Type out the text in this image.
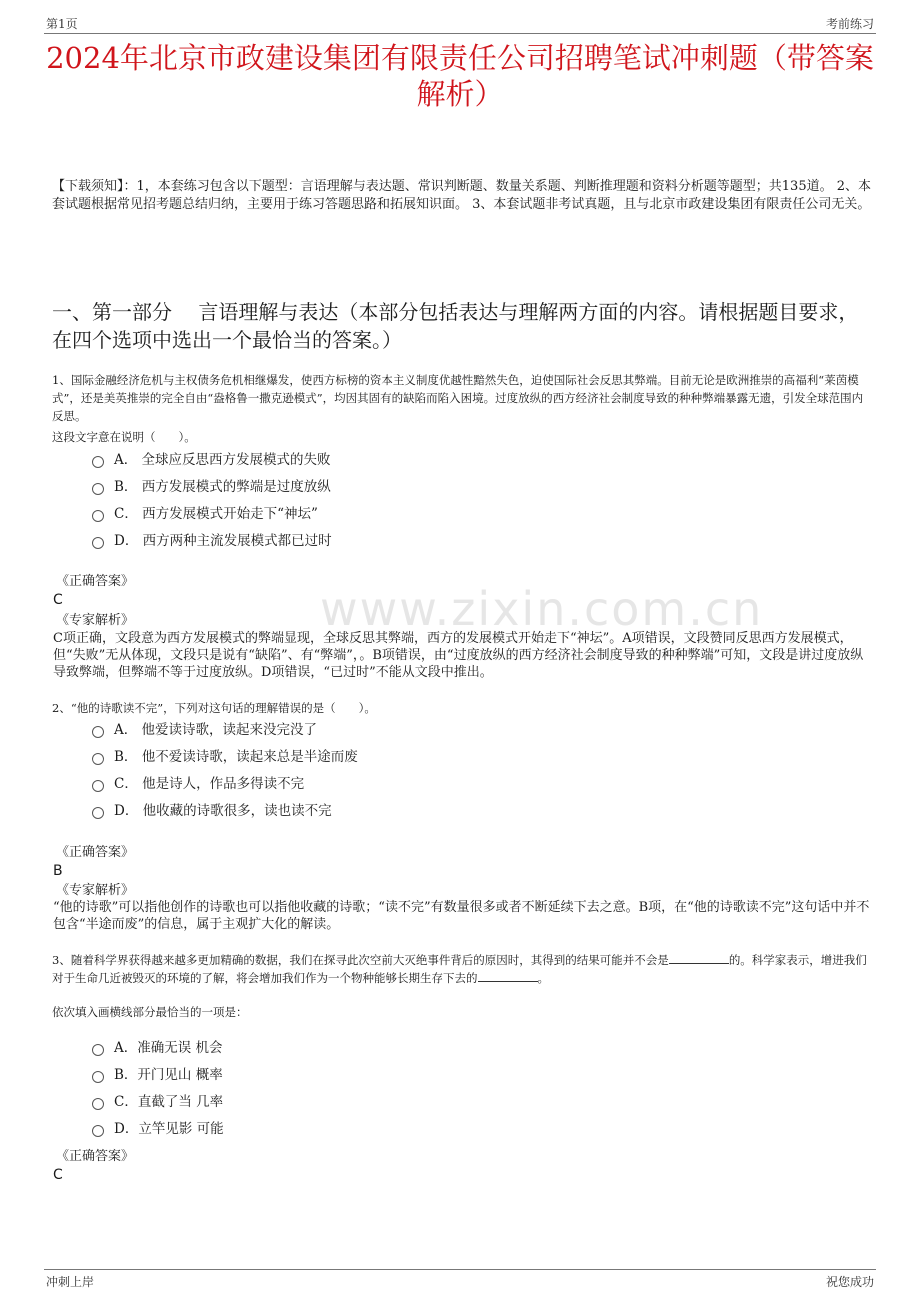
第1页	考前练习
2024年北京市政建设集团有限责任公司招聘笔试冲刺题（带答案解析）
【下载须知】：1，本套练习包含以下题型：言语理解与表达题、常识判断题、数量关系题、判断推理题和资料分析题等题型；共135道。 2、本套试题根据常见招考题总结归纳，主要用于练习答题思路和拓展知识面。 3、本套试题非考试真题，且与北京市政建设集团有限责任公司无关。
一、第一部分 　言语理解与表达（本部分包括表达与理解两方面的内容。请根据题目要求，在四个选项中选出一个最恰当的答案。）
www.zixin.com.cn
1、国际金融经济危机与主权债务危机相继爆发，使西方标榜的资本主义制度优越性黯然失色，迫使国际社会反思其弊端。目前无论是欧洲推崇的高福利“莱茵模式”，还是美英推崇的完全自由“盎格鲁一撒克逊模式”，均因其固有的缺陷而陷入困境。过度放纵的西方经济社会制度导致的种种弊端暴露无遗，引发全球范围内反思。
这段文字意在说明（　　）。
A． 全球应反思西方发展模式的失败
B． 西方发展模式的弊端是过度放纵
C． 西方发展模式开始走下“神坛”
D． 西方两种主流发展模式都已过时
《正确答案》
C
《专家解析》
C项正确，文段意为西方发展模式的弊端显现，全球反思其弊端，西方的发展模式开始走下“神坛”。A项错误，文段赞同反思西方发展模式，但“失败”无从体现，文段只是说有“缺陷”、有“弊端”，。B项错误，由“过度放纵的西方经济社会制度导致的种种弊端”可知，文段是讲过度放纵导致弊端，但弊端不等于过度放纵。D项错误，“已过时”不能从文段中推出。
2、“他的诗歌读不完”，下列对这句话的理解错误的是（　　）。
A． 他爱读诗歌，读起来没完没了
B． 他不爱读诗歌，读起来总是半途而废
C． 他是诗人，作品多得读不完
D． 他收藏的诗歌很多，读也读不完
《正确答案》
B
《专家解析》
“他的诗歌”可以指他创作的诗歌也可以指他收藏的诗歌；“读不完”有数量很多或者不断延续下去之意。B项，在“他的诗歌读不完”这句话中并不包含“半途而废”的信息，属于主观扩大化的解读。
3、随着科学界获得越来越多更加精确的数据，我们在探寻此次空前大灭绝事件背后的原因时，其得到的结果可能并不会是	的。科学家表示，增进我们对于生命几近被毁灭的环境的了解，将会增加我们作为一个物种能够长期生存下去的	。
依次填入画横线部分最恰当的一项是：
A．准确无误 机会
B．开门见山 概率
C．直截了当 几率
D．立竿见影 可能
《正确答案》
C
冲刺上岸	祝您成功
